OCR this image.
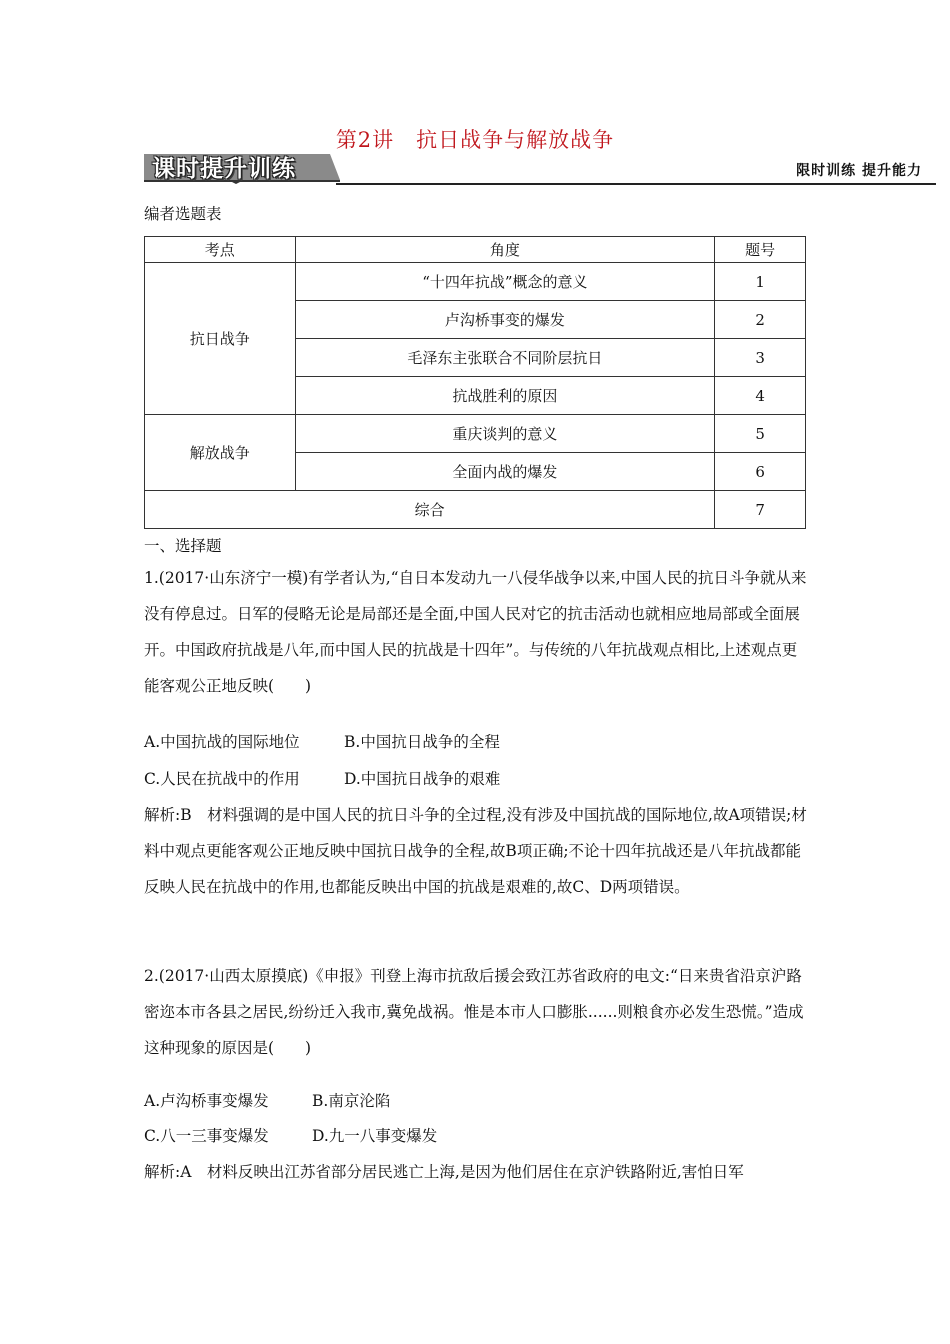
第2讲　抗日战争与解放战争
课时提升训练	限时训练 提升能力
编者选题表
考点	角度	题号
抗日战争	“十四年抗战”概念的意义	1
	卢沟桥事变的爆发	2
	毛泽东主张联合不同阶层抗日	3
	抗战胜利的原因	4
解放战争	重庆谈判的意义	5
	全面内战的爆发	6
综合		7
一、选择题
1.(2017·山东济宁一模)有学者认为,“自日本发动九一八侵华战争以来,中国人民的抗日斗争就从来没有停息过。日军的侵略无论是局部还是全面,中国人民对它的抗击活动也就相应地局部或全面展开。中国政府抗战是八年,而中国人民的抗战是十四年”。与传统的八年抗战观点相比,上述观点更能客观公正地反映(　　)
A.中国抗战的国际地位	B.中国抗日战争的全程
C.人民在抗战中的作用	D.中国抗日战争的艰难
解析:B　材料强调的是中国人民的抗日斗争的全过程,没有涉及中国抗战的国际地位,故A项错误;材料中观点更能客观公正地反映中国抗日战争的全程,故B项正确;不论十四年抗战还是八年抗战都能反映人民在抗战中的作用,也都能反映出中国的抗战是艰难的,故C、D两项错误。
2.(2017·山西太原摸底)《申报》刊登上海市抗敌后援会致江苏省政府的电文:“日来贵省沿京沪路密迩本市各县之居民,纷纷迁入我市,冀免战祸。惟是本市人口膨胀......则粮食亦必发生恐慌。”造成这种现象的原因是(　　)
A.卢沟桥事变爆发	B.南京沦陷
C.八一三事变爆发	D.九一八事变爆发
解析:A　材料反映出江苏省部分居民逃亡上海,是因为他们居住在京沪铁路附近,害怕日军
